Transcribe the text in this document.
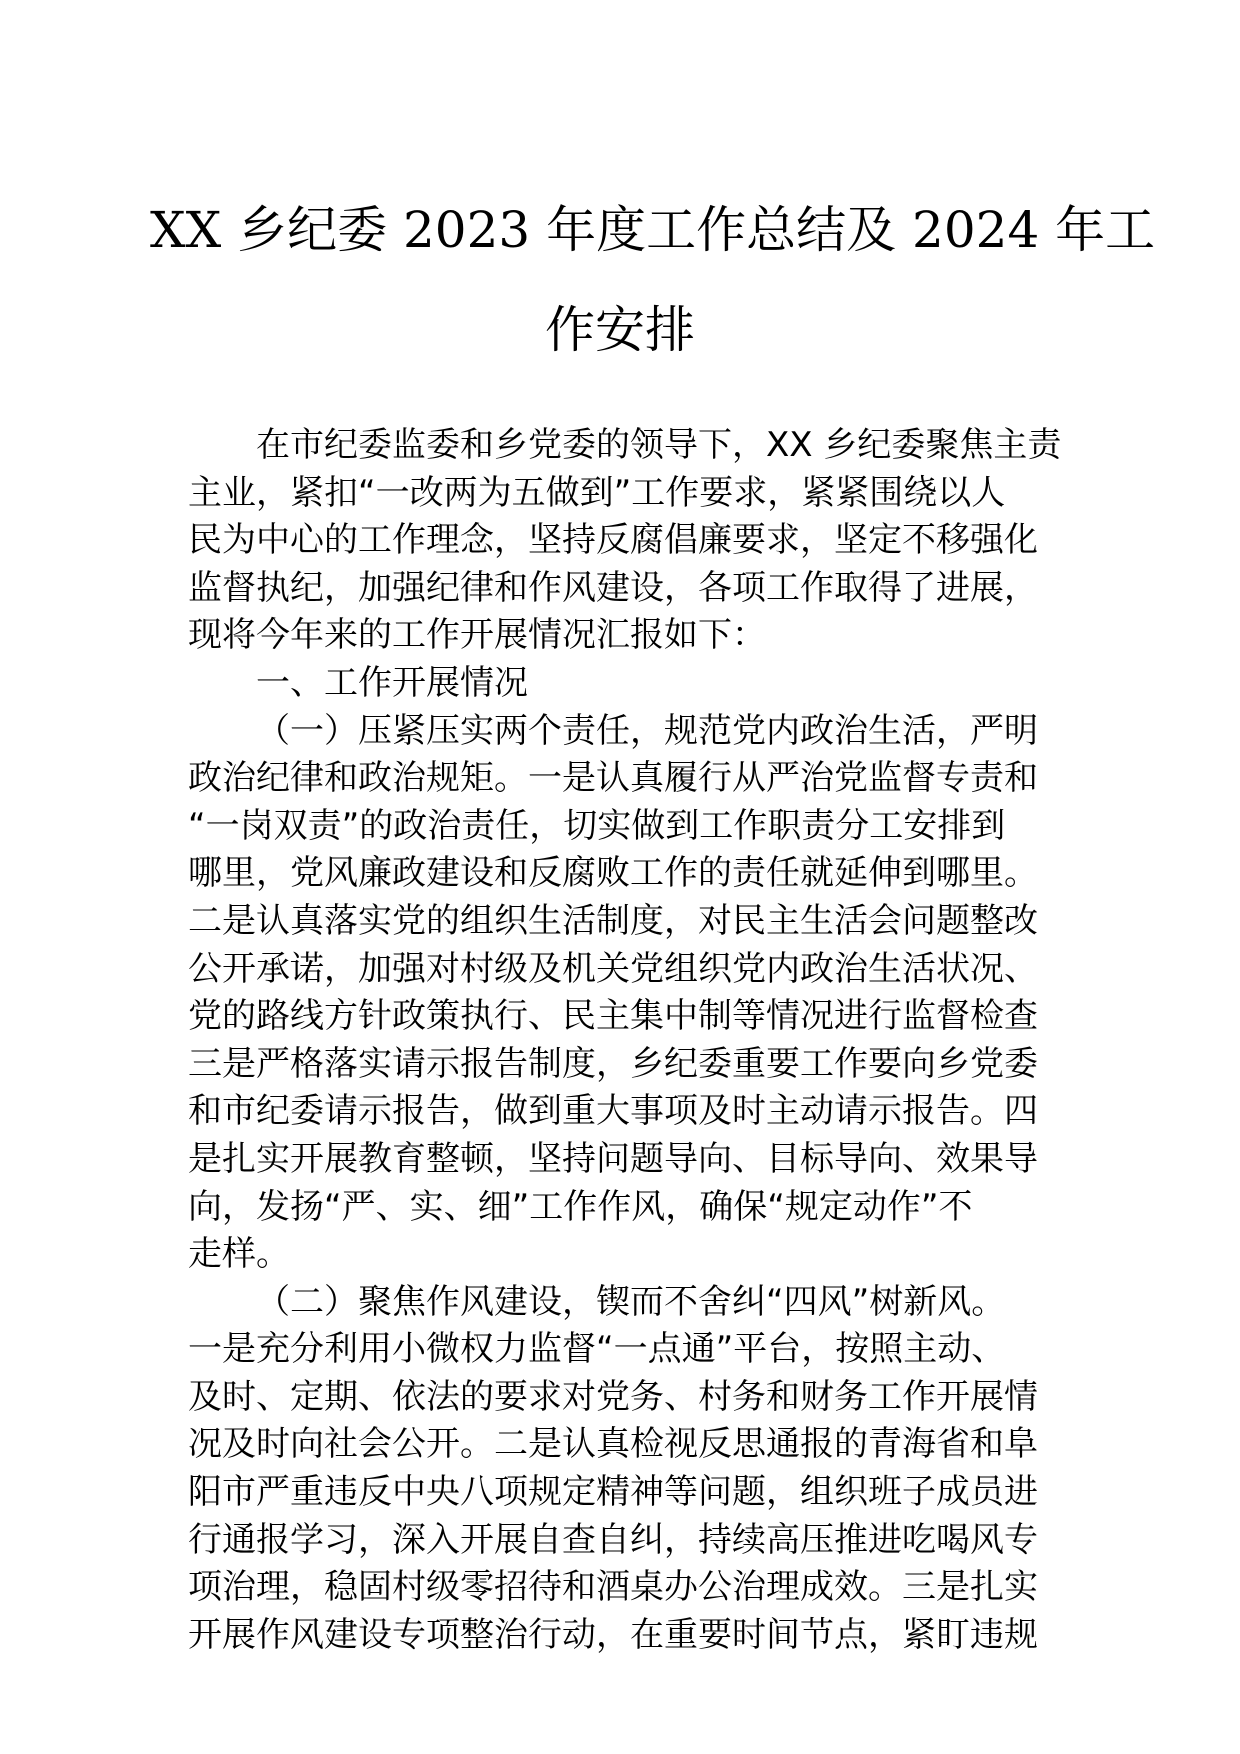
XX 乡纪委 2023 年度工作总结及 2024 年工
作安排
在市纪委监委和乡党委的领导下，XX 乡纪委聚焦主责
主业，紧扣“一改两为五做到”工作要求，紧紧围绕以人
民为中心的工作理念，坚持反腐倡廉要求，坚定不移强化
监督执纪，加强纪律和作风建设，各项工作取得了进展，
现将今年来的工作开展情况汇报如下：
一、工作开展情况
（一）压紧压实两个责任，规范党内政治生活，严明
政治纪律和政治规矩。一是认真履行从严治党监督专责和
“一岗双责”的政治责任，切实做到工作职责分工安排到
哪里，党风廉政建设和反腐败工作的责任就延伸到哪里。
二是认真落实党的组织生活制度，对民主生活会问题整改
公开承诺，加强对村级及机关党组织党内政治生活状况、
党的路线方针政策执行、民主集中制等情况进行监督检查
三是严格落实请示报告制度，乡纪委重要工作要向乡党委
和市纪委请示报告，做到重大事项及时主动请示报告。四
是扎实开展教育整顿，坚持问题导向、目标导向、效果导
向，发扬“严、实、细”工作作风，确保“规定动作”不
走样。
（二）聚焦作风建设，锲而不舍纠“四风”树新风。
一是充分利用小微权力监督“一点通”平台，按照主动、
及时、定期、依法的要求对党务、村务和财务工作开展情
况及时向社会公开。二是认真检视反思通报的青海省和阜
阳市严重违反中央八项规定精神等问题，组织班子成员进
行通报学习，深入开展自查自纠，持续高压推进吃喝风专
项治理，稳固村级零招待和酒桌办公治理成效。三是扎实
开展作风建设专项整治行动，在重要时间节点，紧盯违规
